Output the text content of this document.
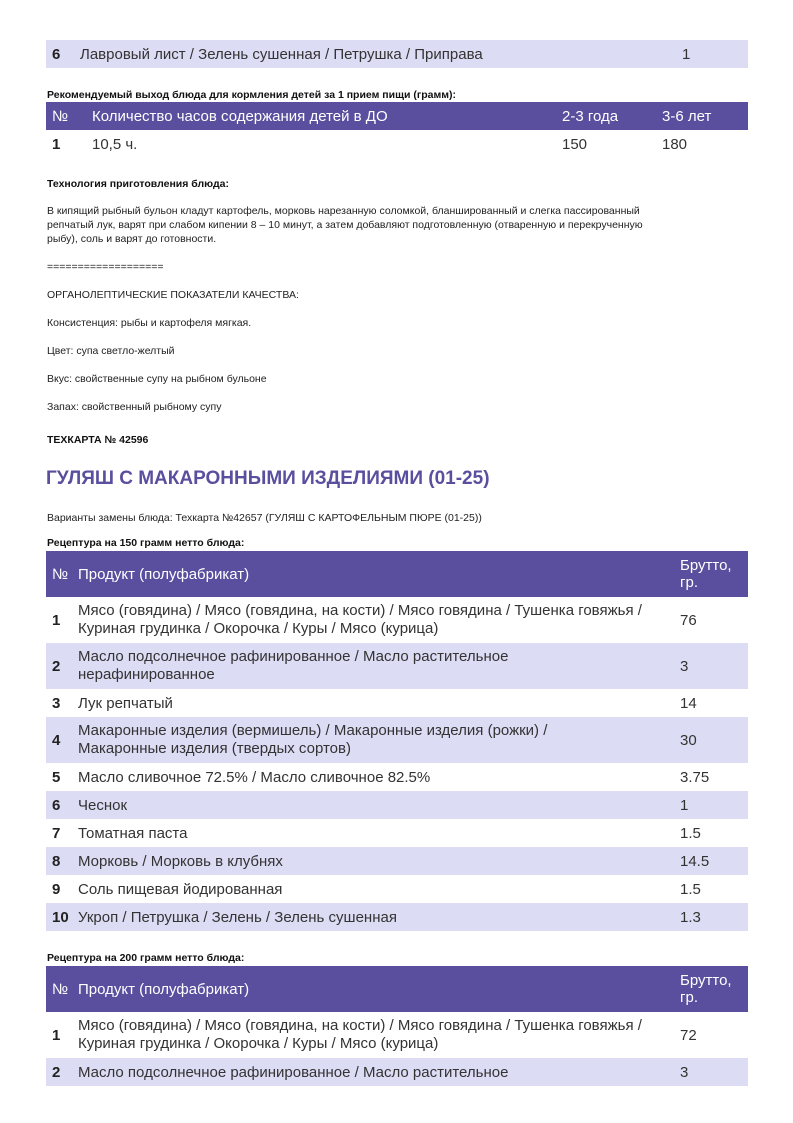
6	Лавровый лист / Зелень сушенная / Петрушка / Приправа	1
Рекомендуемый выход блюда для кормления детей за 1 прием пищи (грамм):
№	Количество часов содержания детей в ДО	2-3 года	3-6 лет
1	10,5 ч.	150	180
Технология приготовления блюда:
В кипящий рыбный бульон кладут картофель, морковь нарезанную соломкой, бланшированный и слегка пассированный
репчатый лук, варят при слабом кипении 8 – 10 минут, а затем добавляют подготовленную (отваренную и перекрученную
рыбу), соль и варят до готовности.
===================
ОРГАНОЛЕПТИЧЕСКИЕ ПОКАЗАТЕЛИ КАЧЕСТВА:
Консистенция: рыбы и картофеля мягкая.
Цвет: супа светло-желтый
Вкус: свойственные супу на рыбном бульоне
Запах: свойственный рыбному супу
ТЕХКАРТА № 42596
ГУЛЯШ С МАКАРОННЫМИ ИЗДЕЛИЯМИ (01-25)
Варианты замены блюда: Техкарта №42657 (ГУЛЯШ С КАРТОФЕЛЬНЫМ ПЮРЕ (01-25))
Рецептура на 150 грамм нетто блюда:
№	Продукт (полуфабрикат)	Брутто, гр.
1	Мясо (говядина) / Мясо (говядина, на кости) / Мясо говядина / Тушенка говяжья / Куриная грудинка / Окорочка / Куры / Мясо (курица)	76
2	Масло подсолнечное рафинированное / Масло растительное нерафинированное	3
3	Лук репчатый	14
4	Макаронные изделия (вермишель) / Макаронные изделия (рожки) / Макаронные изделия (твердых сортов)	30
5	Масло сливочное 72.5% / Масло сливочное 82.5%	3.75
6	Чеснок	1
7	Томатная паста	1.5
8	Морковь / Морковь в клубнях	14.5
9	Соль пищевая йодированная	1.5
10	Укроп / Петрушка / Зелень / Зелень сушенная	1.3
Рецептура на 200 грамм нетто блюда:
№	Продукт (полуфабрикат)	Брутто, гр.
1	Мясо (говядина) / Мясо (говядина, на кости) / Мясо говядина / Тушенка говяжья / Куриная грудинка / Окорочка / Куры / Мясо (курица)	72
2	Масло подсолнечное рафинированное / Масло растительное	3
